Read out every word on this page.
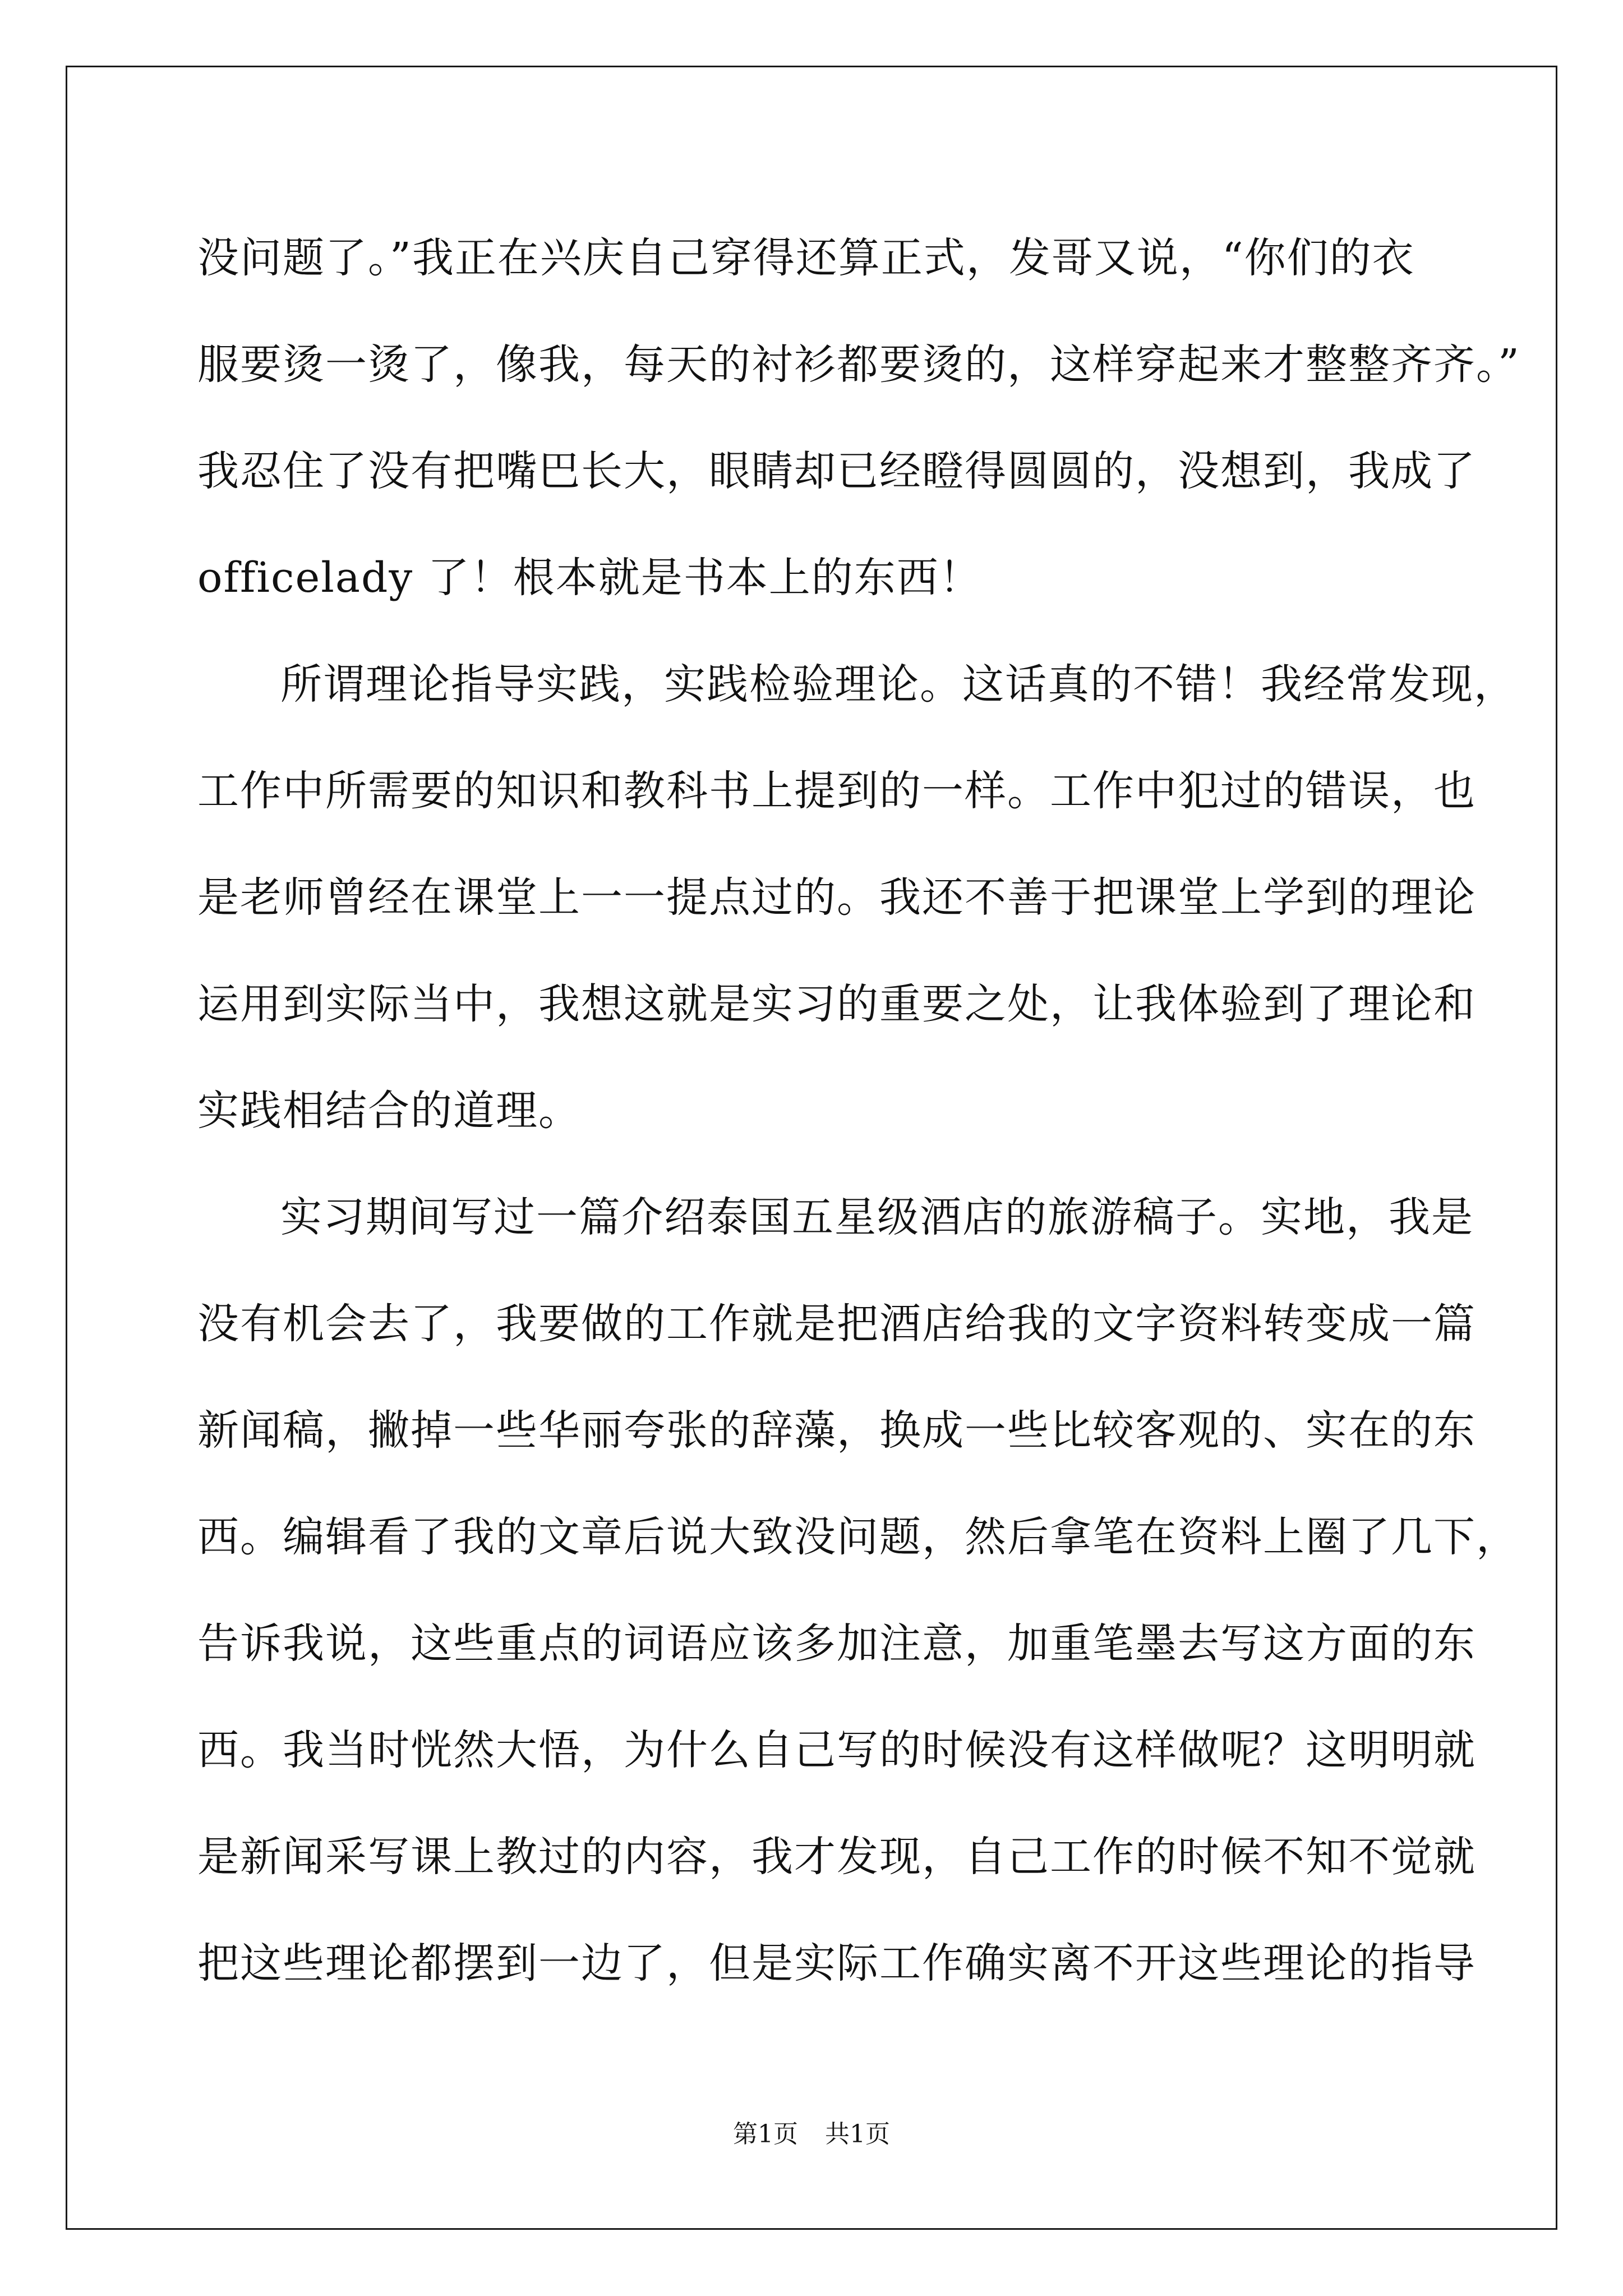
没问题了。”我正在兴庆自己穿得还算正式，发哥又说，“你们的衣
服要烫一烫了，像我，每天的衬衫都要烫的，这样穿起来才整整齐齐。”
我忍住了没有把嘴巴长大，眼睛却已经瞪得圆圆的，没想到，我成了
officelady 了！根本就是书本上的东西！
所谓理论指导实践，实践检验理论。这话真的不错！我经常发现，
工作中所需要的知识和教科书上提到的一样。工作中犯过的错误，也
是老师曾经在课堂上一一提点过的。我还不善于把课堂上学到的理论
运用到实际当中，我想这就是实习的重要之处，让我体验到了理论和
实践相结合的道理。
实习期间写过一篇介绍泰国五星级酒店的旅游稿子。实地，我是
没有机会去了，我要做的工作就是把酒店给我的文字资料转变成一篇
新闻稿，撇掉一些华丽夸张的辞藻，换成一些比较客观的、实在的东
西。编辑看了我的文章后说大致没问题，然后拿笔在资料上圈了几下，
告诉我说，这些重点的词语应该多加注意，加重笔墨去写这方面的东
西。我当时恍然大悟，为什么自己写的时候没有这样做呢？这明明就
是新闻采写课上教过的内容，我才发现，自己工作的时候不知不觉就
把这些理论都摆到一边了，但是实际工作确实离不开这些理论的指导
第1页 共1页
